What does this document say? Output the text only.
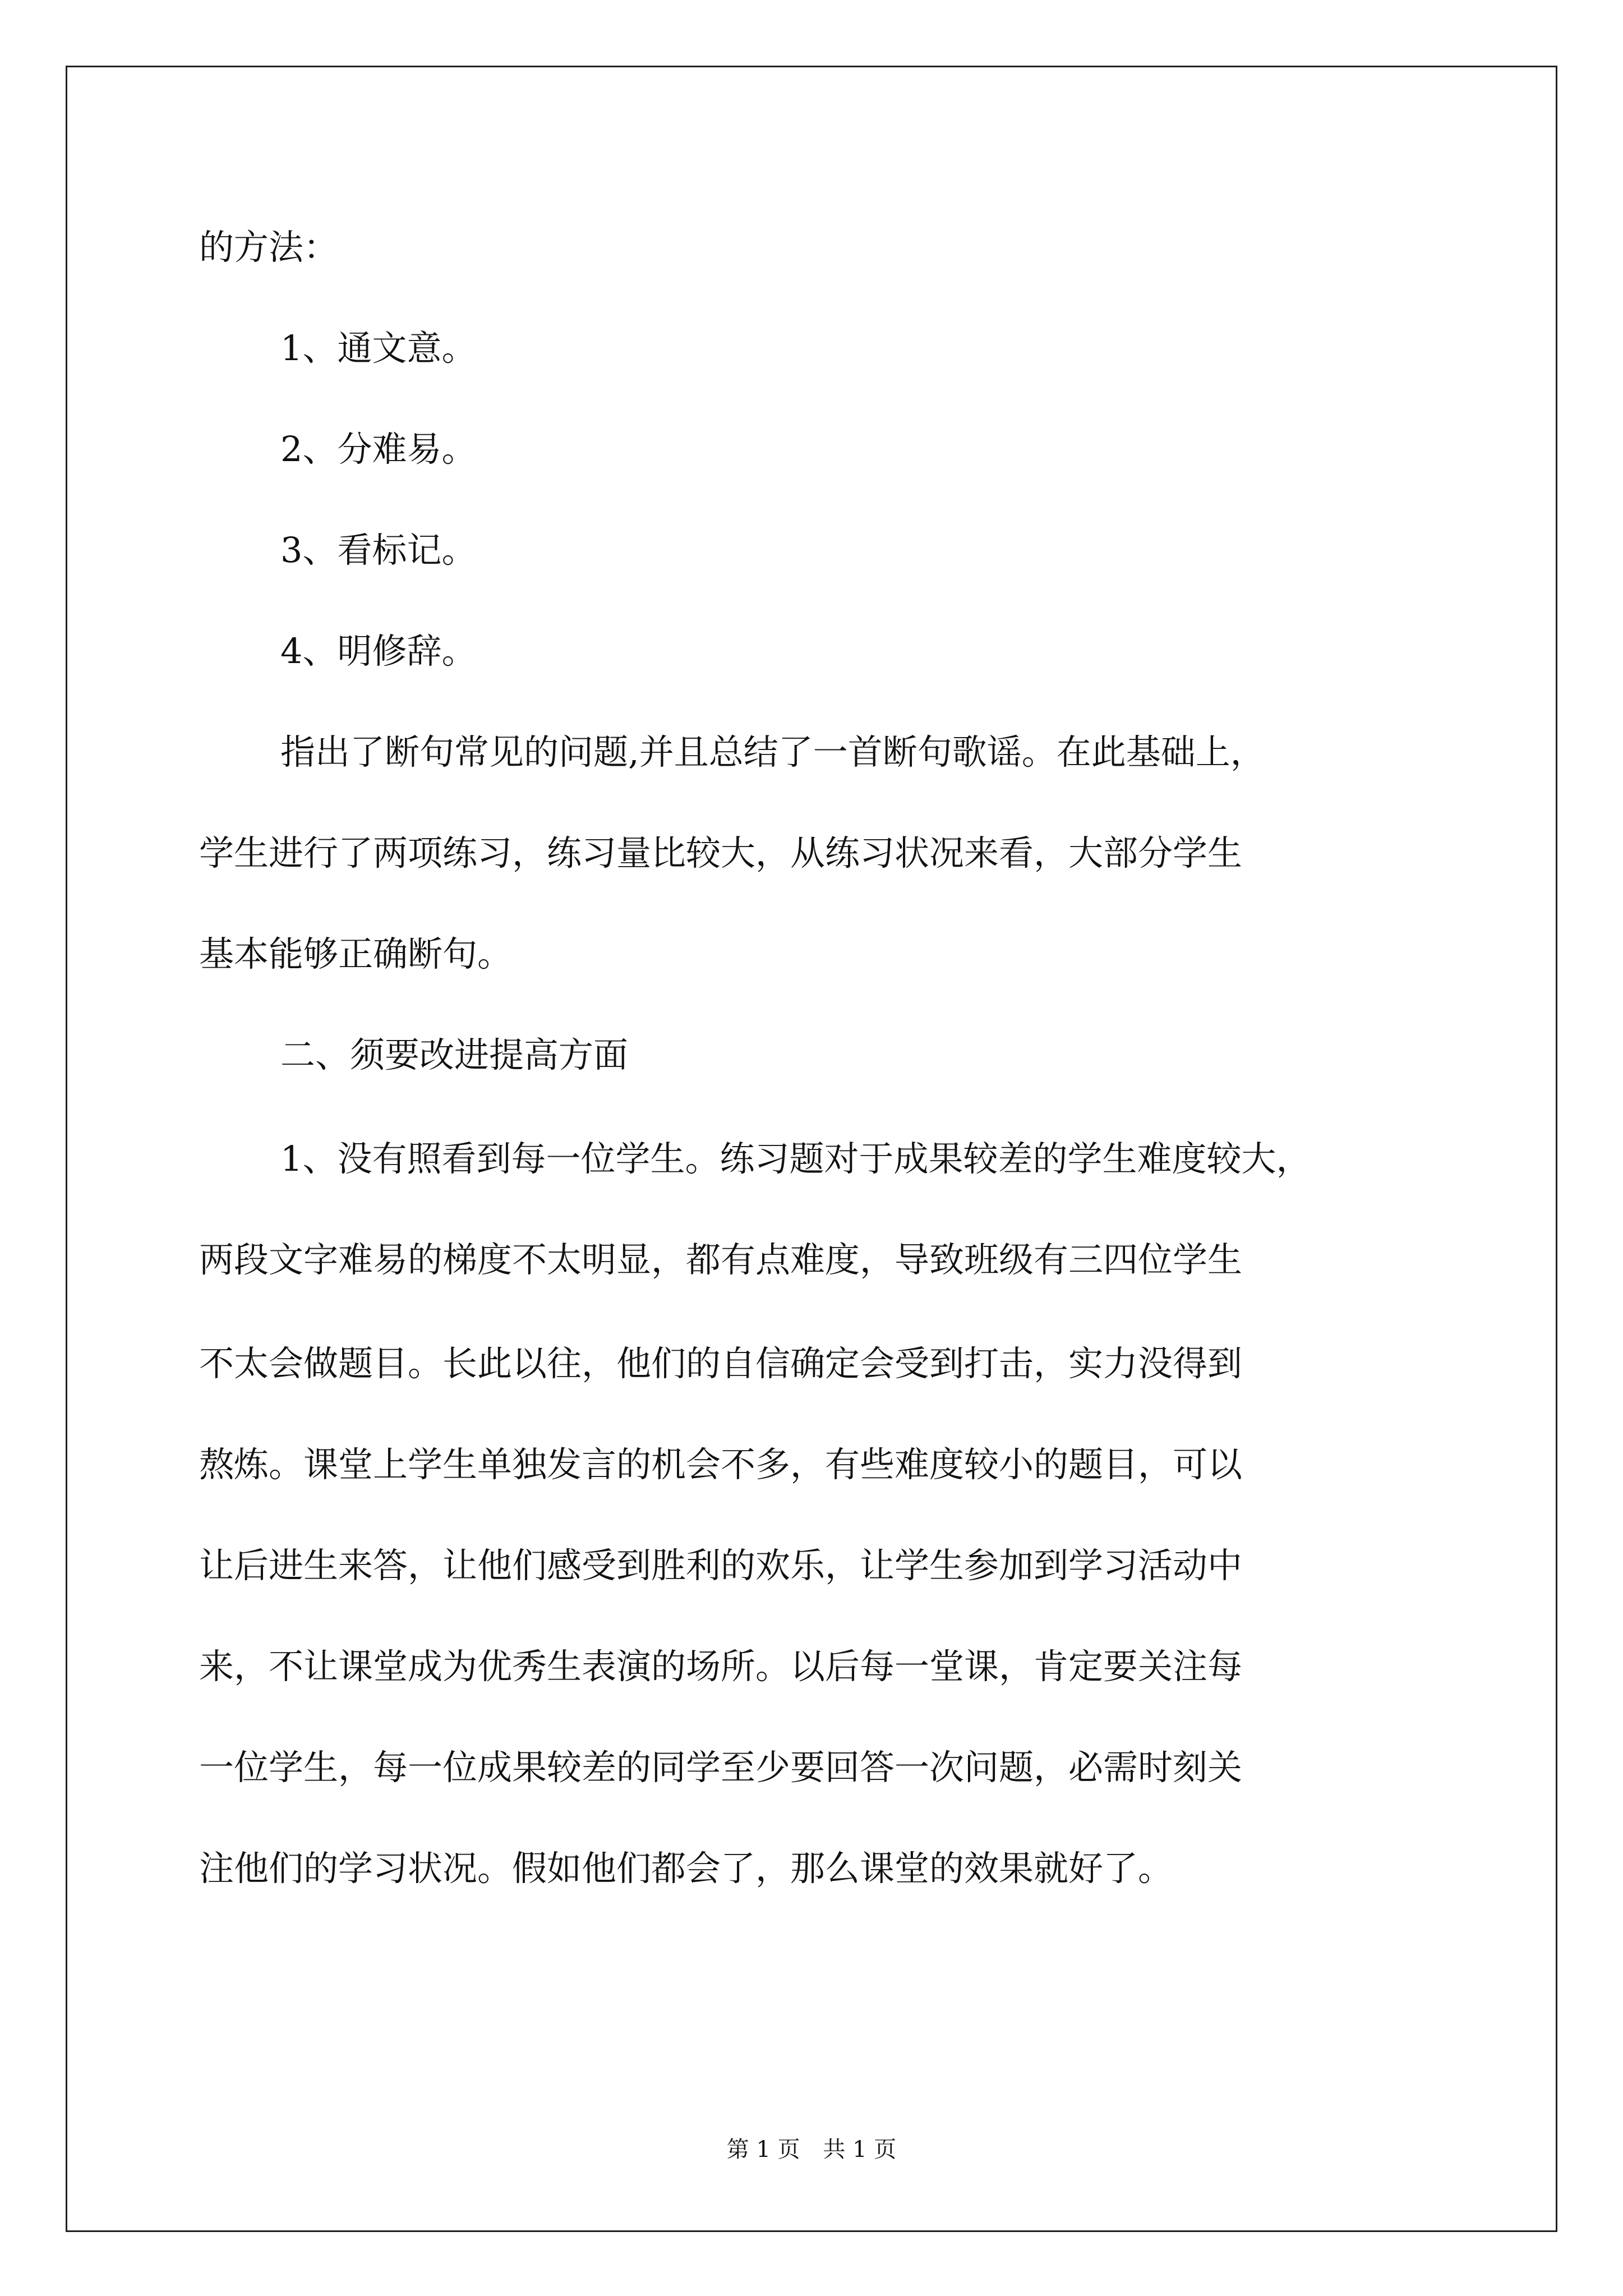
的方法：
1、通文意。
2、分难易。
3、看标记。
4、明修辞。
指出了断句常见的问题,并且总结了一首断句歌谣。在此基础上，
学生进行了两项练习，练习量比较大，从练习状况来看，大部分学生
基本能够正确断句。
二、须要改进提高方面
1、没有照看到每一位学生。练习题对于成果较差的学生难度较大，
两段文字难易的梯度不太明显，都有点难度，导致班级有三四位学生
不太会做题目。长此以往，他们的自信确定会受到打击，实力没得到
熬炼。课堂上学生单独发言的机会不多，有些难度较小的题目，可以
让后进生来答，让他们感受到胜利的欢乐，让学生参加到学习活动中
来，不让课堂成为优秀生表演的场所。以后每一堂课，肯定要关注每
一位学生，每一位成果较差的同学至少要回答一次问题，必需时刻关
注他们的学习状况。假如他们都会了，那么课堂的效果就好了。
第 1 页 共 1 页
